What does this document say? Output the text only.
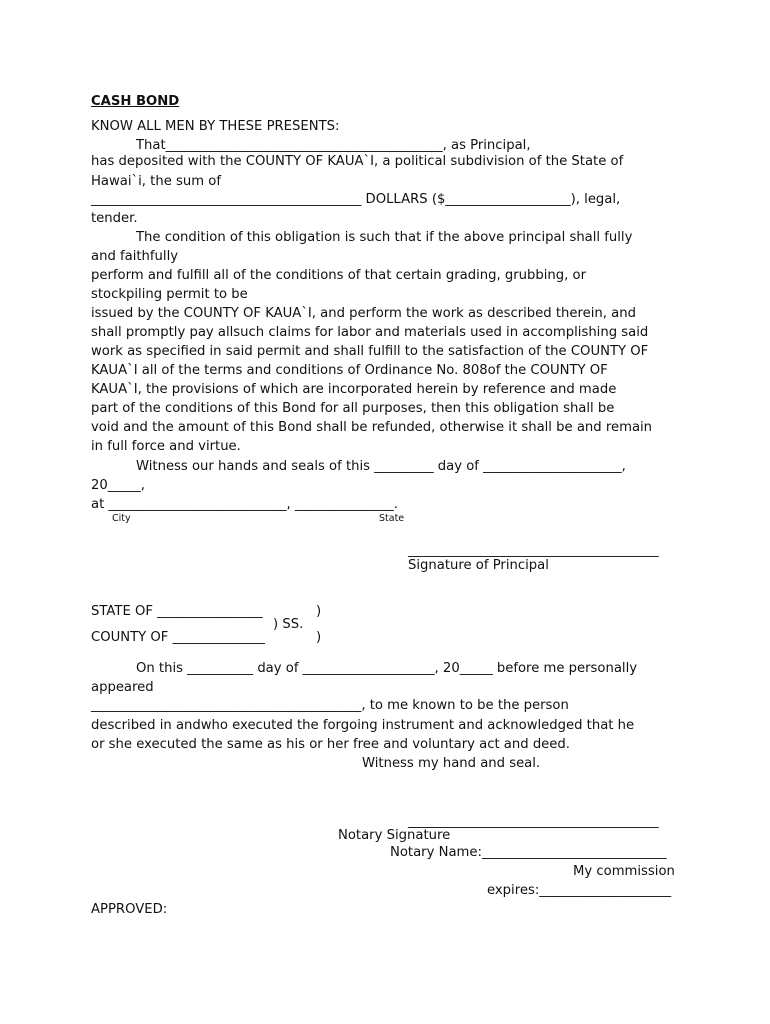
CASH BOND
KNOW ALL MEN BY THESE PRESENTS:
That__________________________________________, as Principal,
has deposited with the COUNTY OF KAUA`I, a political subdivision of the State of
Hawai`i, the sum of
_________________________________________ DOLLARS ($___________________), legal,
tender.
The condition of this obligation is such that if the above principal shall fully
and faithfully
perform and fulfill all of the conditions of that certain grading, grubbing, or
stockpiling permit to be
issued by the COUNTY OF KAUA`I, and perform the work as described therein, and
shall promptly pay allsuch claims for labor and materials used in accomplishing said
work as specified in said permit and shall fulfill to the satisfaction of the COUNTY OF
KAUA`I all of the terms and conditions of Ordinance No. 808of the COUNTY OF
KAUA`I, the provisions of which are incorporated herein by reference and made
part of the conditions of this Bond for all purposes, then this obligation shall be
void and the amount of this Bond shall be refunded, otherwise it shall be and remain
in full force and virtue.
Witness our hands and seals of this _________ day of _____________________,
20_____,
at ___________________________, _______________.
City	State
______________________________________
Signature of Principal
STATE OF ________________	)
) SS.
COUNTY OF ______________	)
On this __________ day of ____________________, 20_____ before me personally
appeared
_________________________________________, to me known to be the person
described in andwho executed the forgoing instrument and acknowledged that he
or she executed the same as his or her free and voluntary act and deed.
Witness my hand and seal.
______________________________________
Notary Signature
Notary Name:____________________________
My commission
expires:____________________
APPROVED:
